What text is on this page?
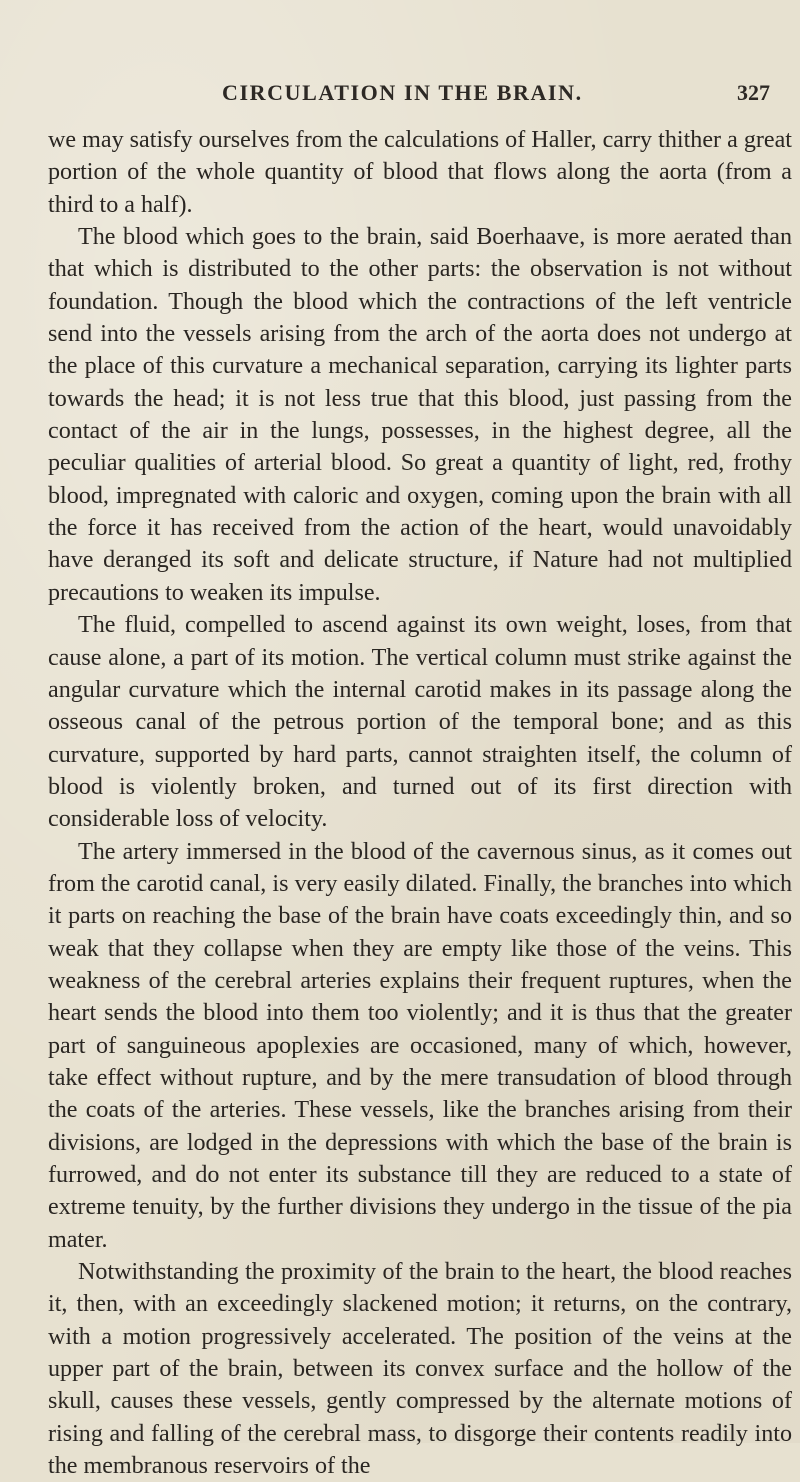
CIRCULATION IN THE BRAIN.	327

we may satisfy ourselves from the calculations of Haller, carry thither a great portion of the whole quantity of blood that flows along the aorta (from a third to a half).

The blood which goes to the brain, said Boerhaave, is more aerated than that which is distributed to the other parts: the observation is not without foundation. Though the blood which the contractions of the left ventricle send into the vessels arising from the arch of the aorta does not undergo at the place of this curvature a mechanical separation, carrying its lighter parts towards the head; it is not less true that this blood, just passing from the contact of the air in the lungs, possesses, in the highest degree, all the peculiar qualities of arterial blood. So great a quantity of light, red, frothy blood, impregnated with caloric and oxygen, coming upon the brain with all the force it has received from the action of the heart, would unavoidably have deranged its soft and delicate structure, if Nature had not multiplied precautions to weaken its impulse.

The fluid, compelled to ascend against its own weight, loses, from that cause alone, a part of its motion. The vertical column must strike against the angular curvature which the internal carotid makes in its passage along the osseous canal of the petrous portion of the temporal bone; and as this curvature, supported by hard parts, cannot straighten itself, the column of blood is violently broken, and turned out of its first direction with considerable loss of velocity.

The artery immersed in the blood of the cavernous sinus, as it comes out from the carotid canal, is very easily dilated. Finally, the branches into which it parts on reaching the base of the brain have coats exceedingly thin, and so weak that they collapse when they are empty like those of the veins. This weakness of the cerebral arteries explains their frequent ruptures, when the heart sends the blood into them too violently; and it is thus that the greater part of sanguineous apoplexies are occasioned, many of which, however, take effect without rupture, and by the mere transudation of blood through the coats of the arteries. These vessels, like the branches arising from their divisions, are lodged in the depressions with which the base of the brain is furrowed, and do not enter its substance till they are reduced to a state of extreme tenuity, by the further divisions they undergo in the tissue of the pia mater.

Notwithstanding the proximity of the brain to the heart, the blood reaches it, then, with an exceedingly slackened motion; it returns, on the contrary, with a motion progressively accelerated. The position of the veins at the upper part of the brain, between its convex surface and the hollow of the skull, causes these vessels, gently compressed by the alternate motions of rising and falling of the cerebral mass, to disgorge their contents readily into the membranous reservoirs of the
